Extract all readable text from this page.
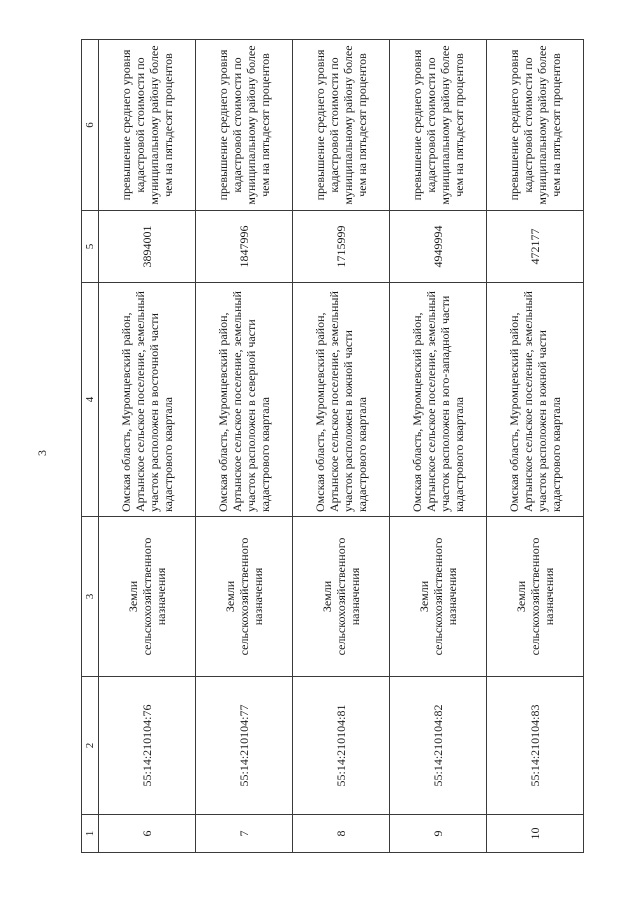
3
1	2	3	4	5	6
6	55:14:210104:76	Земли сельскохозяйственного назначения	Омская область, Муромцевский район, Артынское сельское поселение, земельный участок расположен в восточной части кадастрового квартала	3894001	превышение среднего уровня кадастровой стоимости по муниципальному району более чем на пятьдесят процентов
7	55:14:210104:77	Земли сельскохозяйственного назначения	Омская область, Муромцевский район, Артынское сельское поселение, земельный участок расположен в северной части кадастрового квартала	1847996	превышение среднего уровня кадастровой стоимости по муниципальному району более чем на пятьдесят процентов
8	55:14:210104:81	Земли сельскохозяйственного назначения	Омская область, Муромцевский район, Артынское сельское поселение, земельный участок расположен в южной части кадастрового квартала	1715999	превышение среднего уровня кадастровой стоимости по муниципальному району более чем на пятьдесят процентов
9	55:14:210104:82	Земли сельскохозяйственного назначения	Омская область, Муромцевский район, Артынское сельское поселение, земельный участок расположен в юго-западной части кадастрового квартала	4949994	превышение среднего уровня кадастровой стоимости по муниципальному району более чем на пятьдесят процентов
10	55:14:210104:83	Земли сельскохозяйственного назначения	Омская область, Муромцевский район, Артынское сельское поселение, земельный участок расположен в южной части кадастрового квартала	472177	превышение среднего уровня кадастровой стоимости по муниципальному району более чем на пятьдесят процентов
